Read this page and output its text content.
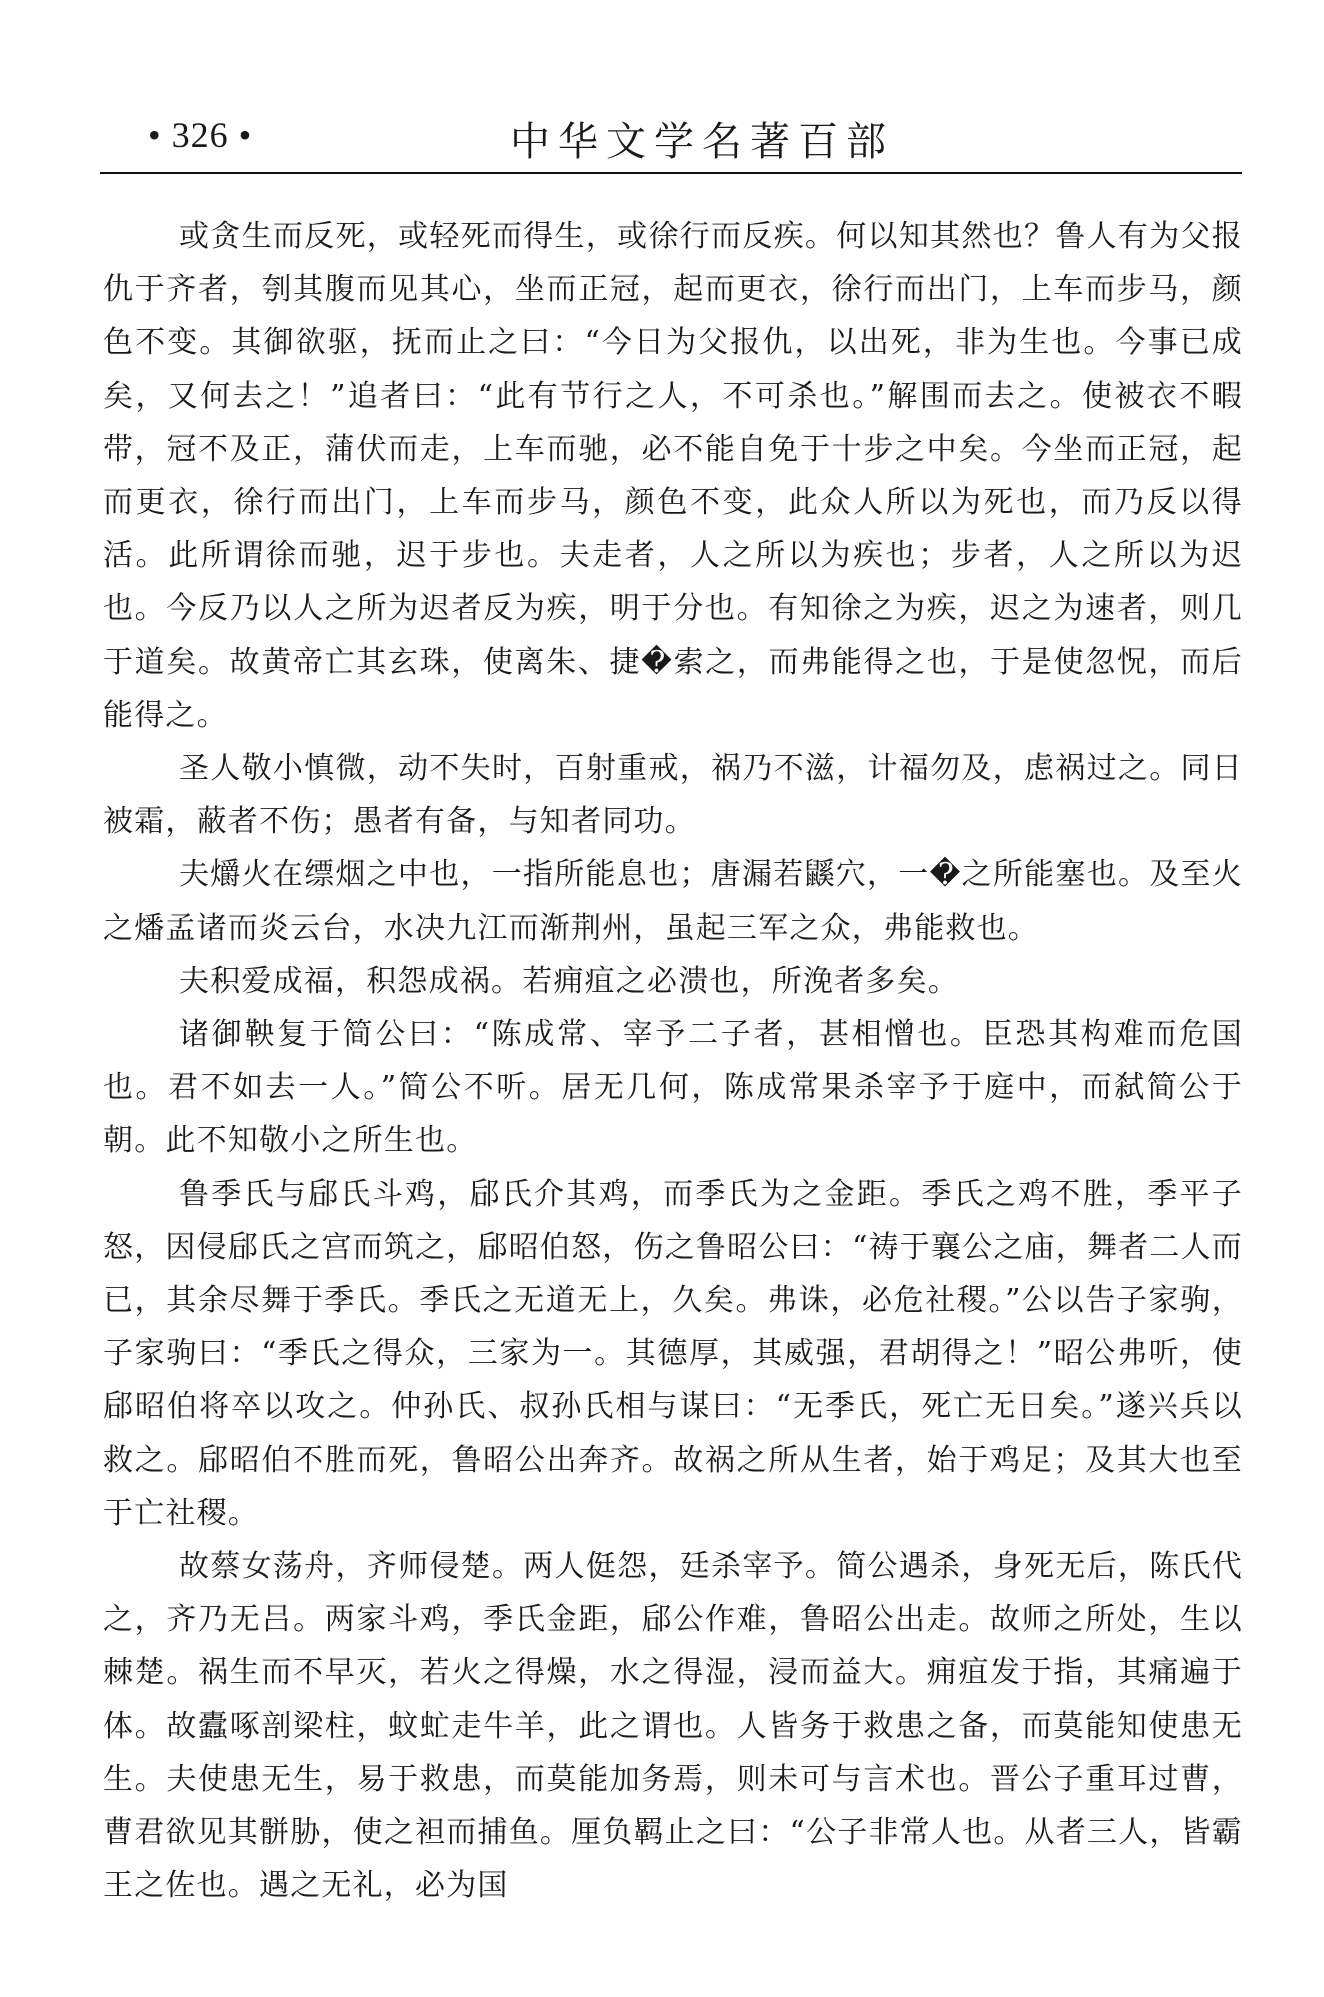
• 326 •	中华文学名著百部

或贪生而反死，或轻死而得生，或徐行而反疾。何以知其然也？鲁人有为父报仇于齐者，刳其腹而见其心，坐而正冠，起而更衣，徐行而出门，上车而步马，颜色不变。其御欲驱，抚而止之曰：“今日为父报仇，以出死，非为生也。今事已成矣，又何去之！”追者曰：“此有节行之人，不可杀也。”解围而去之。使被衣不暇带，冠不及正，蒲伏而走，上车而驰，必不能自免于十步之中矣。今坐而正冠，起而更衣，徐行而出门，上车而步马，颜色不变，此众人所以为死也，而乃反以得活。此所谓徐而驰，迟于步也。夫走者，人之所以为疾也；步者，人之所以为迟也。今反乃以人之所为迟者反为疾，明于分也。有知徐之为疾，迟之为速者，则几于道矣。故黄帝亡其玄珠，使离朱、捷�索之，而弗能得之也，于是使忽怳，而后能得之。

圣人敬小慎微，动不失时，百射重戒，祸乃不滋，计福勿及，虑祸过之。同日被霜，蔽者不伤；愚者有备，与知者同功。

夫爝火在缥烟之中也，一指所能息也；唐漏若鼷穴，一�之所能塞也。及至火之燔孟诸而炎云台，水决九江而渐荆州，虽起三军之众，弗能救也。

夫积爱成福，积怨成祸。若痈疽之必溃也，所浼者多矣。

诸御鞅复于简公曰：“陈成常、宰予二子者，甚相憎也。臣恐其构难而危国也。君不如去一人。”简公不听。居无几何，陈成常果杀宰予于庭中，而弑简公于朝。此不知敬小之所生也。

鲁季氏与郈氏斗鸡，郈氏介其鸡，而季氏为之金距。季氏之鸡不胜，季平子怒，因侵郈氏之宫而筑之，郈昭伯怒，伤之鲁昭公曰：“祷于襄公之庙，舞者二人而已，其余尽舞于季氏。季氏之无道无上，久矣。弗诛，必危社稷。”公以告子家驹，子家驹曰：“季氏之得众，三家为一。其德厚，其威强，君胡得之！”昭公弗听，使郈昭伯将卒以攻之。仲孙氏、叔孙氏相与谋曰：“无季氏，死亡无日矣。”遂兴兵以救之。郈昭伯不胜而死，鲁昭公出奔齐。故祸之所从生者，始于鸡足；及其大也至于亡社稷。

故蔡女荡舟，齐师侵楚。两人侹怨，廷杀宰予。简公遇杀，身死无后，陈氏代之，齐乃无吕。两家斗鸡，季氏金距，郈公作难，鲁昭公出走。故师之所处，生以棘楚。祸生而不早灭，若火之得燥，水之得湿，浸而益大。痈疽发于指，其痛遍于体。故蠹啄剖梁柱，蚊虻走牛羊，此之谓也。人皆务于救患之备，而莫能知使患无生。夫使患无生，易于救患，而莫能加务焉，则未可与言术也。晋公子重耳过曹，曹君欲见其骿胁，使之袒而捕鱼。厘负羁止之曰：“公子非常人也。从者三人，皆霸王之佐也。遇之无礼，必为国
